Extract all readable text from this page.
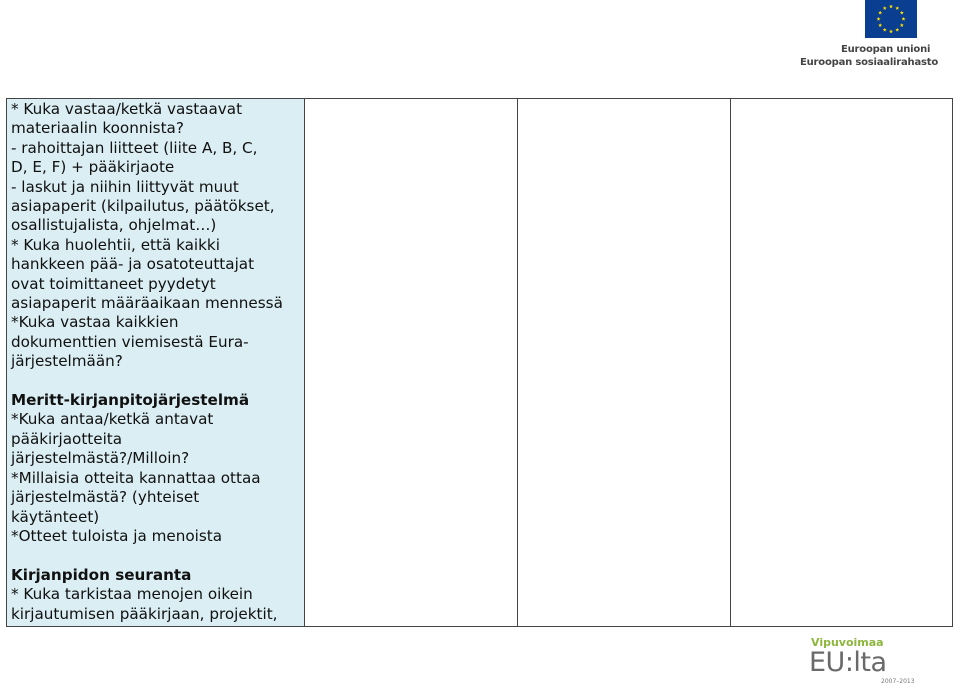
Euroopan unioni
Euroopan sosiaalirahasto

* Kuka vastaa/ketkä vastaavat

materiaalin koonnista?

- rahoittajan liitteet (liite A, B, C,

D, E, F) + pääkirjaote

- laskut ja niihin liittyvät muut

asiapaperit (kilpailutus, päätökset,

osallistujalista, ohjelmat…)

* Kuka huolehtii, että kaikki

hankkeen pää- ja osatoteuttajat

ovat toimittaneet pyydetyt

asiapaperit määräaikaan mennessä

*Kuka vastaa kaikkien

dokumenttien viemisestä Eura-

järjestelmään?

Meritt-kirjanpitojärjestelmä

*Kuka antaa/ketkä antavat

pääkirjaotteita

järjestelmästä?/Milloin?

*Millaisia otteita kannattaa ottaa

järjestelmästä? (yhteiset

käytänteet)

*Otteet tuloista ja menoista

Kirjanpidon seuranta

* Kuka tarkistaa menojen oikein

kirjautumisen pääkirjaan, projektit,

Vipuvoimaa
EU:lta
2007–2013
